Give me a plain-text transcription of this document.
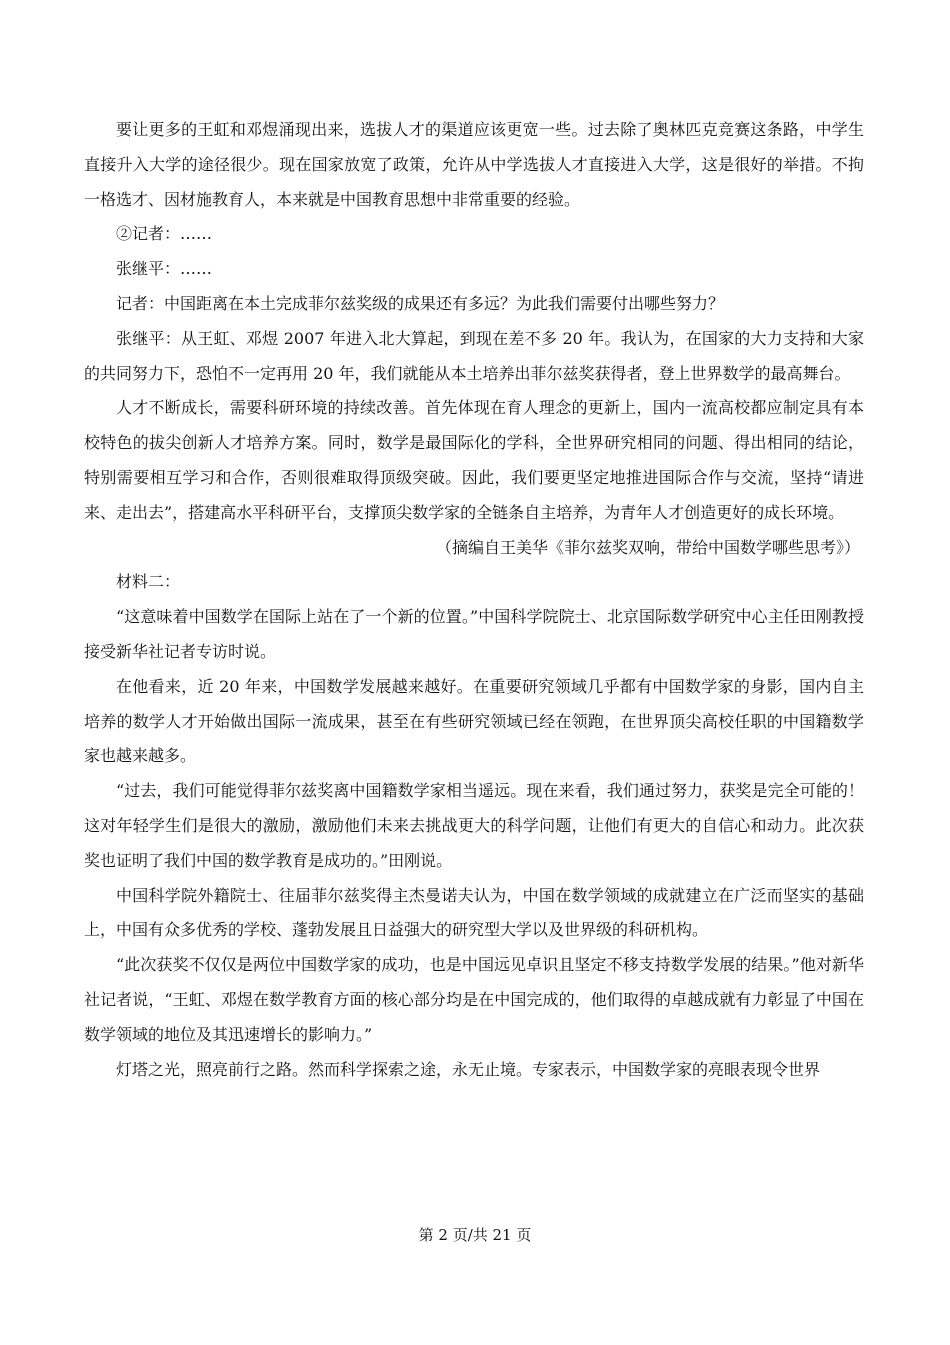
要让更多的王虹和邓煜涌现出来，选拔人才的渠道应该更宽一些。过去除了奥林匹克竞赛这条路，中学生直接升入大学的途径很少。现在国家放宽了政策，允许从中学选拔人才直接进入大学，这是很好的举措。不拘一格选才、因材施教育人，本来就是中国教育思想中非常重要的经验。

②记者：……

张继平：……

记者：中国距离在本土完成菲尔兹奖级的成果还有多远？为此我们需要付出哪些努力？

张继平：从王虹、邓煜 2007 年进入北大算起，到现在差不多 20 年。我认为，在国家的大力支持和大家的共同努力下，恐怕不一定再用 20 年，我们就能从本土培养出菲尔兹奖获得者，登上世界数学的最高舞台。

人才不断成长，需要科研环境的持续改善。首先体现在育人理念的更新上，国内一流高校都应制定具有本校特色的拔尖创新人才培养方案。同时，数学是最国际化的学科，全世界研究相同的问题、得出相同的结论，特别需要相互学习和合作，否则很难取得顶级突破。因此，我们要更坚定地推进国际合作与交流，坚持“请进来、走出去”，搭建高水平科研平台，支撑顶尖数学家的全链条自主培养，为青年人才创造更好的成长环境。

（摘编自王美华《菲尔兹奖双响，带给中国数学哪些思考》）

材料二：

“这意味着中国数学在国际上站在了一个新的位置。”中国科学院院士、北京国际数学研究中心主任田刚教授接受新华社记者专访时说。

在他看来，近 20 年来，中国数学发展越来越好。在重要研究领域几乎都有中国数学家的身影，国内自主培养的数学人才开始做出国际一流成果，甚至在有些研究领域已经在领跑，在世界顶尖高校任职的中国籍数学家也越来越多。

“过去，我们可能觉得菲尔兹奖离中国籍数学家相当遥远。现在来看，我们通过努力，获奖是完全可能的！这对年轻学生们是很大的激励，激励他们未来去挑战更大的科学问题，让他们有更大的自信心和动力。此次获奖也证明了我们中国的数学教育是成功的。”田刚说。

中国科学院外籍院士、往届菲尔兹奖得主杰曼诺夫认为，中国在数学领域的成就建立在广泛而坚实的基础上，中国有众多优秀的学校、蓬勃发展且日益强大的研究型大学以及世界级的科研机构。

“此次获奖不仅仅是两位中国数学家的成功，也是中国远见卓识且坚定不移支持数学发展的结果。”他对新华社记者说，“王虹、邓煜在数学教育方面的核心部分均是在中国完成的，他们取得的卓越成就有力彰显了中国在数学领域的地位及其迅速增长的影响力。”

灯塔之光，照亮前行之路。然而科学探索之途，永无止境。专家表示，中国数学家的亮眼表现令世界

第 2 页/共 21 页
